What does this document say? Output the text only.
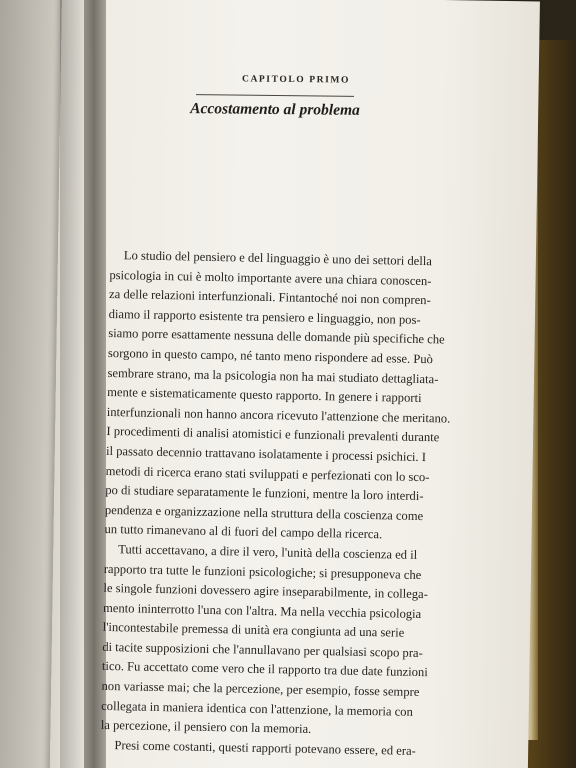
CAPITOLO PRIMO
Accostamento al problema
Lo studio del pensiero e del linguaggio è uno dei settori della
psicologia in cui è molto importante avere una chiara conoscen-
za delle relazioni interfunzionali. Fintantoché noi non compren-
diamo il rapporto esistente tra pensiero e linguaggio, non pos-
siamo porre esattamente nessuna delle domande più specifiche che
sorgono in questo campo, né tanto meno rispondere ad esse. Può
sembrare strano, ma la psicologia non ha mai studiato dettagliata-
mente e sistematicamente questo rapporto. In genere i rapporti
interfunzionali non hanno ancora ricevuto l'attenzione che meritano.
I procedimenti di analisi atomistici e funzionali prevalenti durante
il passato decennio trattavano isolatamente i processi psichici. I
metodi di ricerca erano stati sviluppati e perfezionati con lo sco-
po di studiare separatamente le funzioni, mentre la loro interdi-
pendenza e organizzazione nella struttura della coscienza come
un tutto rimanevano al di fuori del campo della ricerca.
Tutti accettavano, a dire il vero, l'unità della coscienza ed il
rapporto tra tutte le funzioni psicologiche; si presupponeva che
le singole funzioni dovessero agire inseparabilmente, in collega-
mento ininterrotto l'una con l'altra. Ma nella vecchia psicologia
l'incontestabile premessa di unità era congiunta ad una serie
di tacite supposizioni che l'annullavano per qualsiasi scopo pra-
tico. Fu accettato come vero che il rapporto tra due date funzioni
non variasse mai; che la percezione, per esempio, fosse sempre
collegata in maniera identica con l'attenzione, la memoria con
la percezione, il pensiero con la memoria.
Presi come costanti, questi rapporti potevano essere, ed era-
